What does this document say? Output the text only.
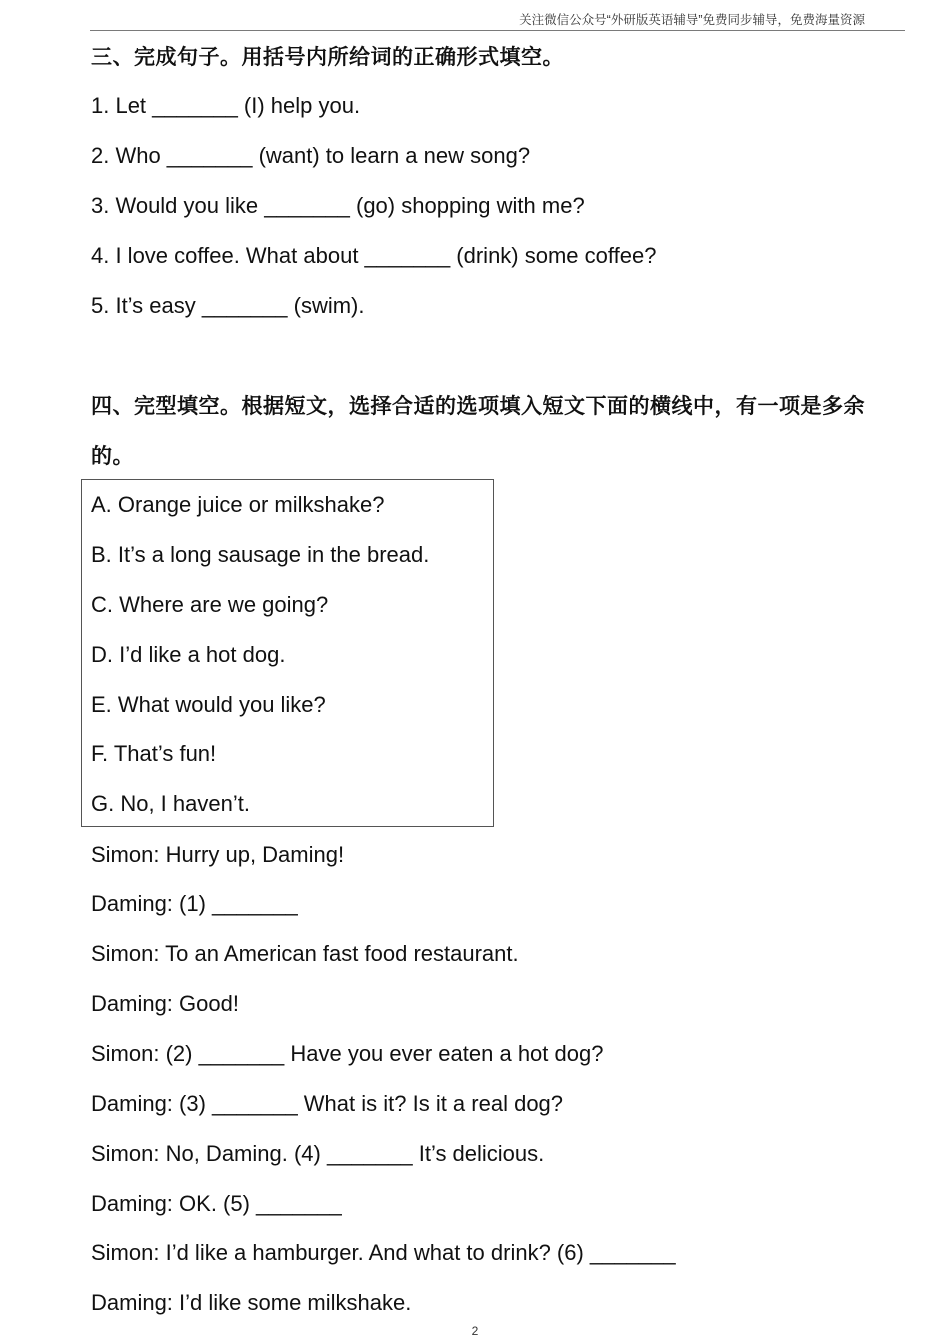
关注微信公众号“外研版英语辅导”免费同步辅导，免费海量资源
三、完成句子。用括号内所给词的正确形式填空。
1. Let _______ (I) help you.
2. Who _______ (want) to learn a new song?
3. Would you like _______ (go) shopping with me?
4. I love coffee. What about _______ (drink) some coffee?
5. It’s easy _______ (swim).
四、完型填空。根据短文，选择合适的选项填入短文下面的横线中，有一项是多余
的。
A. Orange juice or milkshake?
B. It’s a long sausage in the bread.
C. Where are we going?
D. I’d like a hot dog.
E. What would you like?
F. That’s fun!
G. No, I haven’t.
Simon: Hurry up, Daming!
Daming: (1) _______
Simon: To an American fast food restaurant.
Daming: Good!
Simon: (2) _______ Have you ever eaten a hot dog?
Daming: (3) _______ What is it? Is it a real dog?
Simon: No, Daming. (4) _______ It’s delicious.
Daming: OK. (5) _______
Simon: I’d like a hamburger. And what to drink? (6) _______
Daming: I’d like some milkshake.
2
